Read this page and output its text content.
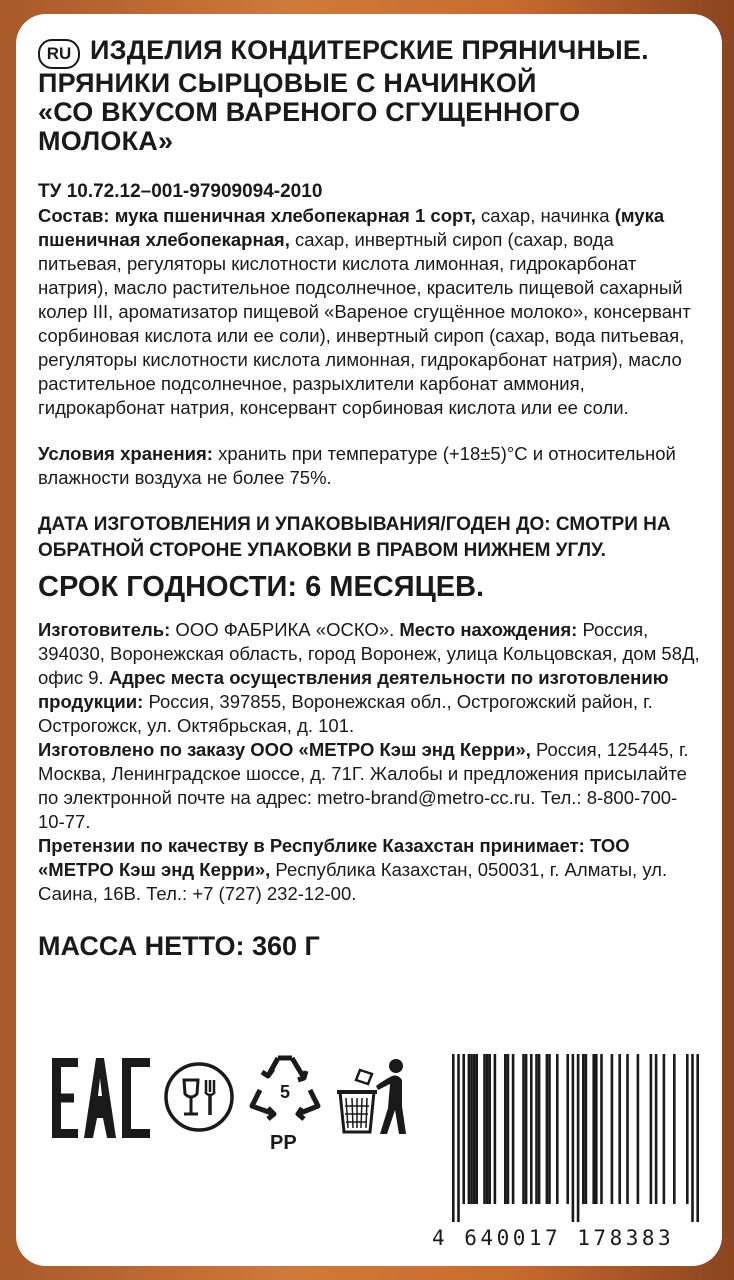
RU ИЗДЕЛИЯ КОНДИТЕРСКИЕ ПРЯНИЧНЫЕ.
ПРЯНИКИ СЫРЦОВЫЕ С НАЧИНКОЙ
«СО ВКУСОМ ВАРЕНОГО СГУЩЕННОГО
МОЛОКА»

ТУ 10.72.12–001-97909094-2010

Состав: мука пшеничная хлебопекарная 1 сорт, сахар, начинка (мука пшеничная хлебопекарная, сахар, инвертный сироп (сахар, вода питьевая, регуляторы кислотности кислота лимонная, гидрокарбонат натрия), масло растительное подсолнечное, краситель пищевой сахарный колер III, ароматизатор пищевой «Вареное сгущённое молоко», консервант сорбиновая кислота или ее соли), инвертный сироп (сахар, вода питьевая, регуляторы кислотности кислота лимонная, гидрокарбонат натрия), масло растительное подсолнечное, разрыхлители карбонат аммония, гидрокарбонат натрия, консервант сорбиновая кислота или ее соли.

Условия хранения: хранить при температуре (+18±5)°С и относительной влажности воздуха не более 75%.

ДАТА ИЗГОТОВЛЕНИЯ И УПАКОВЫВАНИЯ/ГОДЕН ДО: СМОТРИ НА ОБРАТНОЙ СТОРОНЕ УПАКОВКИ В ПРАВОМ НИЖНЕМ УГЛУ.

СРОК ГОДНОСТИ: 6 МЕСЯЦЕВ.

Изготовитель: ООО ФАБРИКА «ОСКО». Место нахождения: Россия, 394030, Воронежская область, город Воронеж, улица Кольцовская, дом 58Д, офис 9. Адрес места осуществления деятельности по изготовлению продукции: Россия, 397855, Воронежская обл., Острогожский район, г. Острогожск, ул. Октябрьская, д. 101.
Изготовлено по заказу ООО «МЕТРО Кэш энд Керри», Россия, 125445, г. Москва, Ленинградское шоссе, д. 71Г. Жалобы и предложения присылайте по электронной почте на адрес: metro-brand@metro-cc.ru. Тел.: 8-800-700-10-77.
Претензии по качеству в Республике Казахстан принимает: ТОО «МЕТРО Кэш энд Керри», Республика Казахстан, 050031, г. Алматы, ул. Саина, 16В. Тел.: +7 (727) 232-12-00.

МАССА НЕТТО: 360 Г

5
PP
4 640017 178383
